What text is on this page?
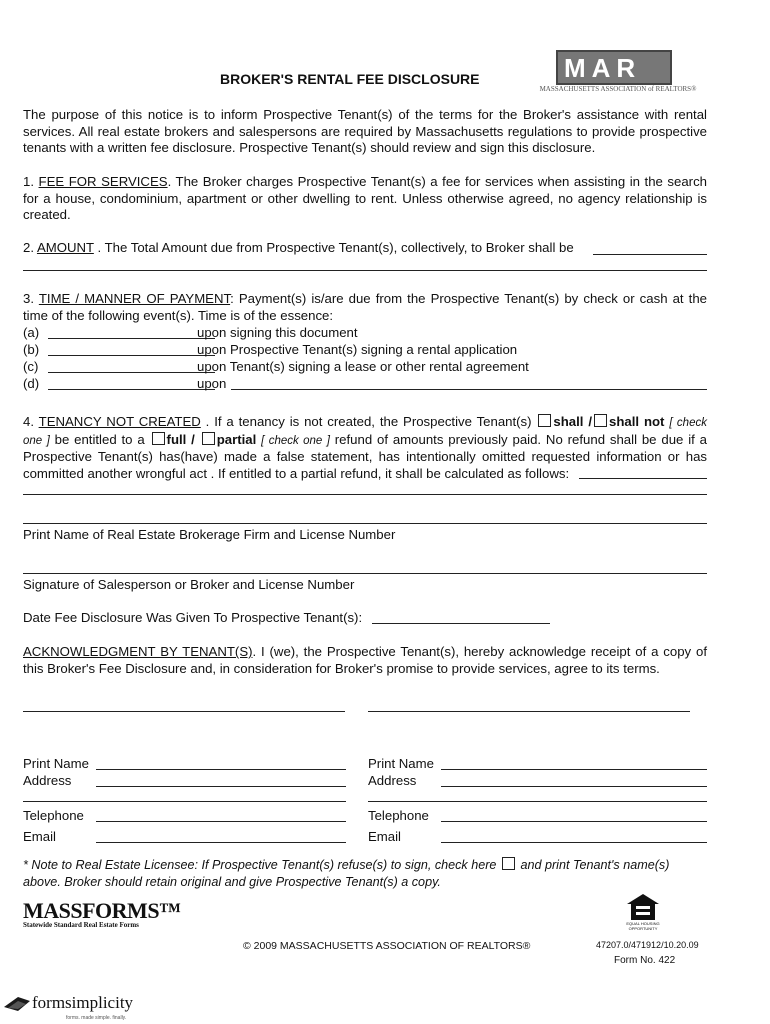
BROKER'S RENTAL FEE DISCLOSURE	MAR
MASSACHUSETTS ASSOCIATION of REALTORS®
The purpose of this notice is to inform Prospective Tenant(s) of the terms for the Broker's assistance with rental services. All real estate brokers and salespersons are required by Massachusetts regulations to provide prospective tenants with a written fee disclosure. Prospective Tenant(s) should review and sign this disclosure.
1. FEE FOR SERVICES. The Broker charges Prospective Tenant(s) a fee for services when assisting in the search for a house, condominium, apartment or other dwelling to rent. Unless otherwise agreed, no agency relationship is created.
2. AMOUNT . The Total Amount due from Prospective Tenant(s), collectively, to Broker shall be
3. TIME / MANNER OF PAYMENT: Payment(s) is/are due from the Prospective Tenant(s) by check or cash at the time of the following event(s). Time is of the essence:
(a)	upon signing this document
(b)	upon Prospective Tenant(s) signing a rental application
(c)	upon Tenant(s) signing a lease or other rental agreement
(d)	upon
4. TENANCY NOT CREATED . If a tenancy is not created, the Prospective Tenant(s) shall / shall not [ check one ] be entitled to a full / partial [ check one ] refund of amounts previously paid. No refund shall be due if a Prospective Tenant(s) has(have) made a false statement, has intentionally omitted requested information or has committed another wrongful act . If entitled to a partial refund, it shall be calculated as follows:
Print Name of Real Estate Brokerage Firm and License Number
Signature of Salesperson or Broker and License Number
Date Fee Disclosure Was Given To Prospective Tenant(s):
ACKNOWLEDGMENT BY TENANT(S). I (we), the Prospective Tenant(s), hereby acknowledge receipt of a copy of this Broker's Fee Disclosure and, in consideration for Broker's promise to provide services, agree to its terms.
Print Name
Address
Telephone
Email
Print Name
Address
Telephone
Email
* Note to Real Estate Licensee: If Prospective Tenant(s) refuse(s) to sign, check here and print Tenant's name(s) above. Broker should retain original and give Prospective Tenant(s) a copy.
MASSFORMS™
Statewide Standard Real Estate Forms	EQUAL HOUSING OPPORTUNITY
© 2009 MASSACHUSETTS ASSOCIATION OF REALTORS®	47207.0/471912/10.20.09
Form No. 422
formsimplicity
forms. made simple. finally.
